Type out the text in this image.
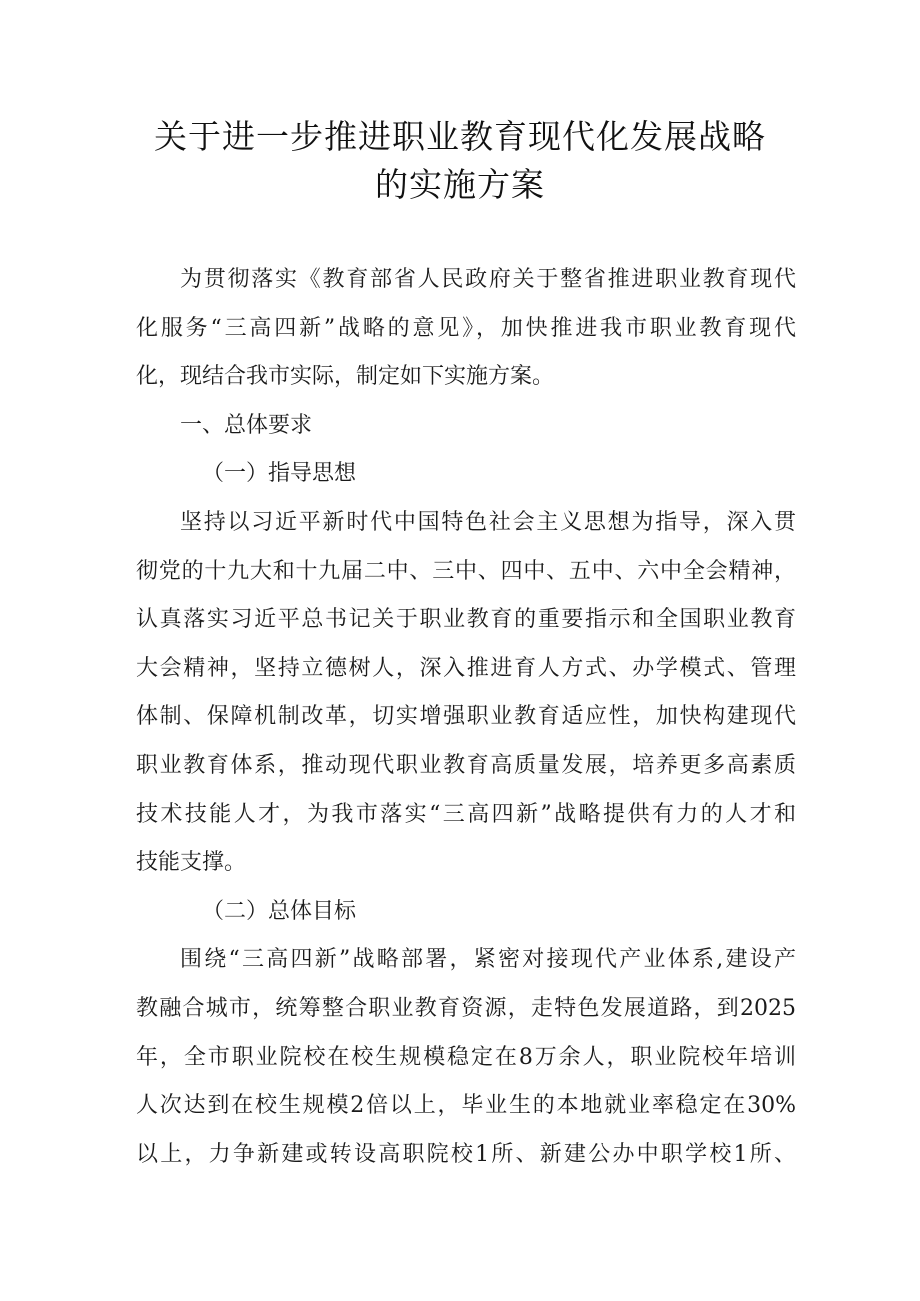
关于进一步推进职业教育现代化发展战略
的实施方案
为贯彻落实《教育部省人民政府关于整省推进职业教育现代
化服务“三高四新”战略的意见》，加快推进我市职业教育现代
化，现结合我市实际，制定如下实施方案。
一、总体要求
（一）指导思想
坚持以习近平新时代中国特色社会主义思想为指导，深入贯
彻党的十九大和十九届二中、三中、四中、五中、六中全会精神，
认真落实习近平总书记关于职业教育的重要指示和全国职业教育
大会精神，坚持立德树人，深入推进育人方式、办学模式、管理
体制、保障机制改革，切实增强职业教育适应性，加快构建现代
职业教育体系，推动现代职业教育高质量发展，培养更多高素质
技术技能人才，为我市落实“三高四新”战略提供有力的人才和
技能支撑。
（二）总体目标
围绕“三高四新”战略部署，紧密对接现代产业体系,建设产
教融合城市，统筹整合职业教育资源，走特色发展道路，到2025
年，全市职业院校在校生规模稳定在8万余人，职业院校年培训
人次达到在校生规模2倍以上，毕业生的本地就业率稳定在30%
以上，力争新建或转设高职院校1所、新建公办中职学校1所、
